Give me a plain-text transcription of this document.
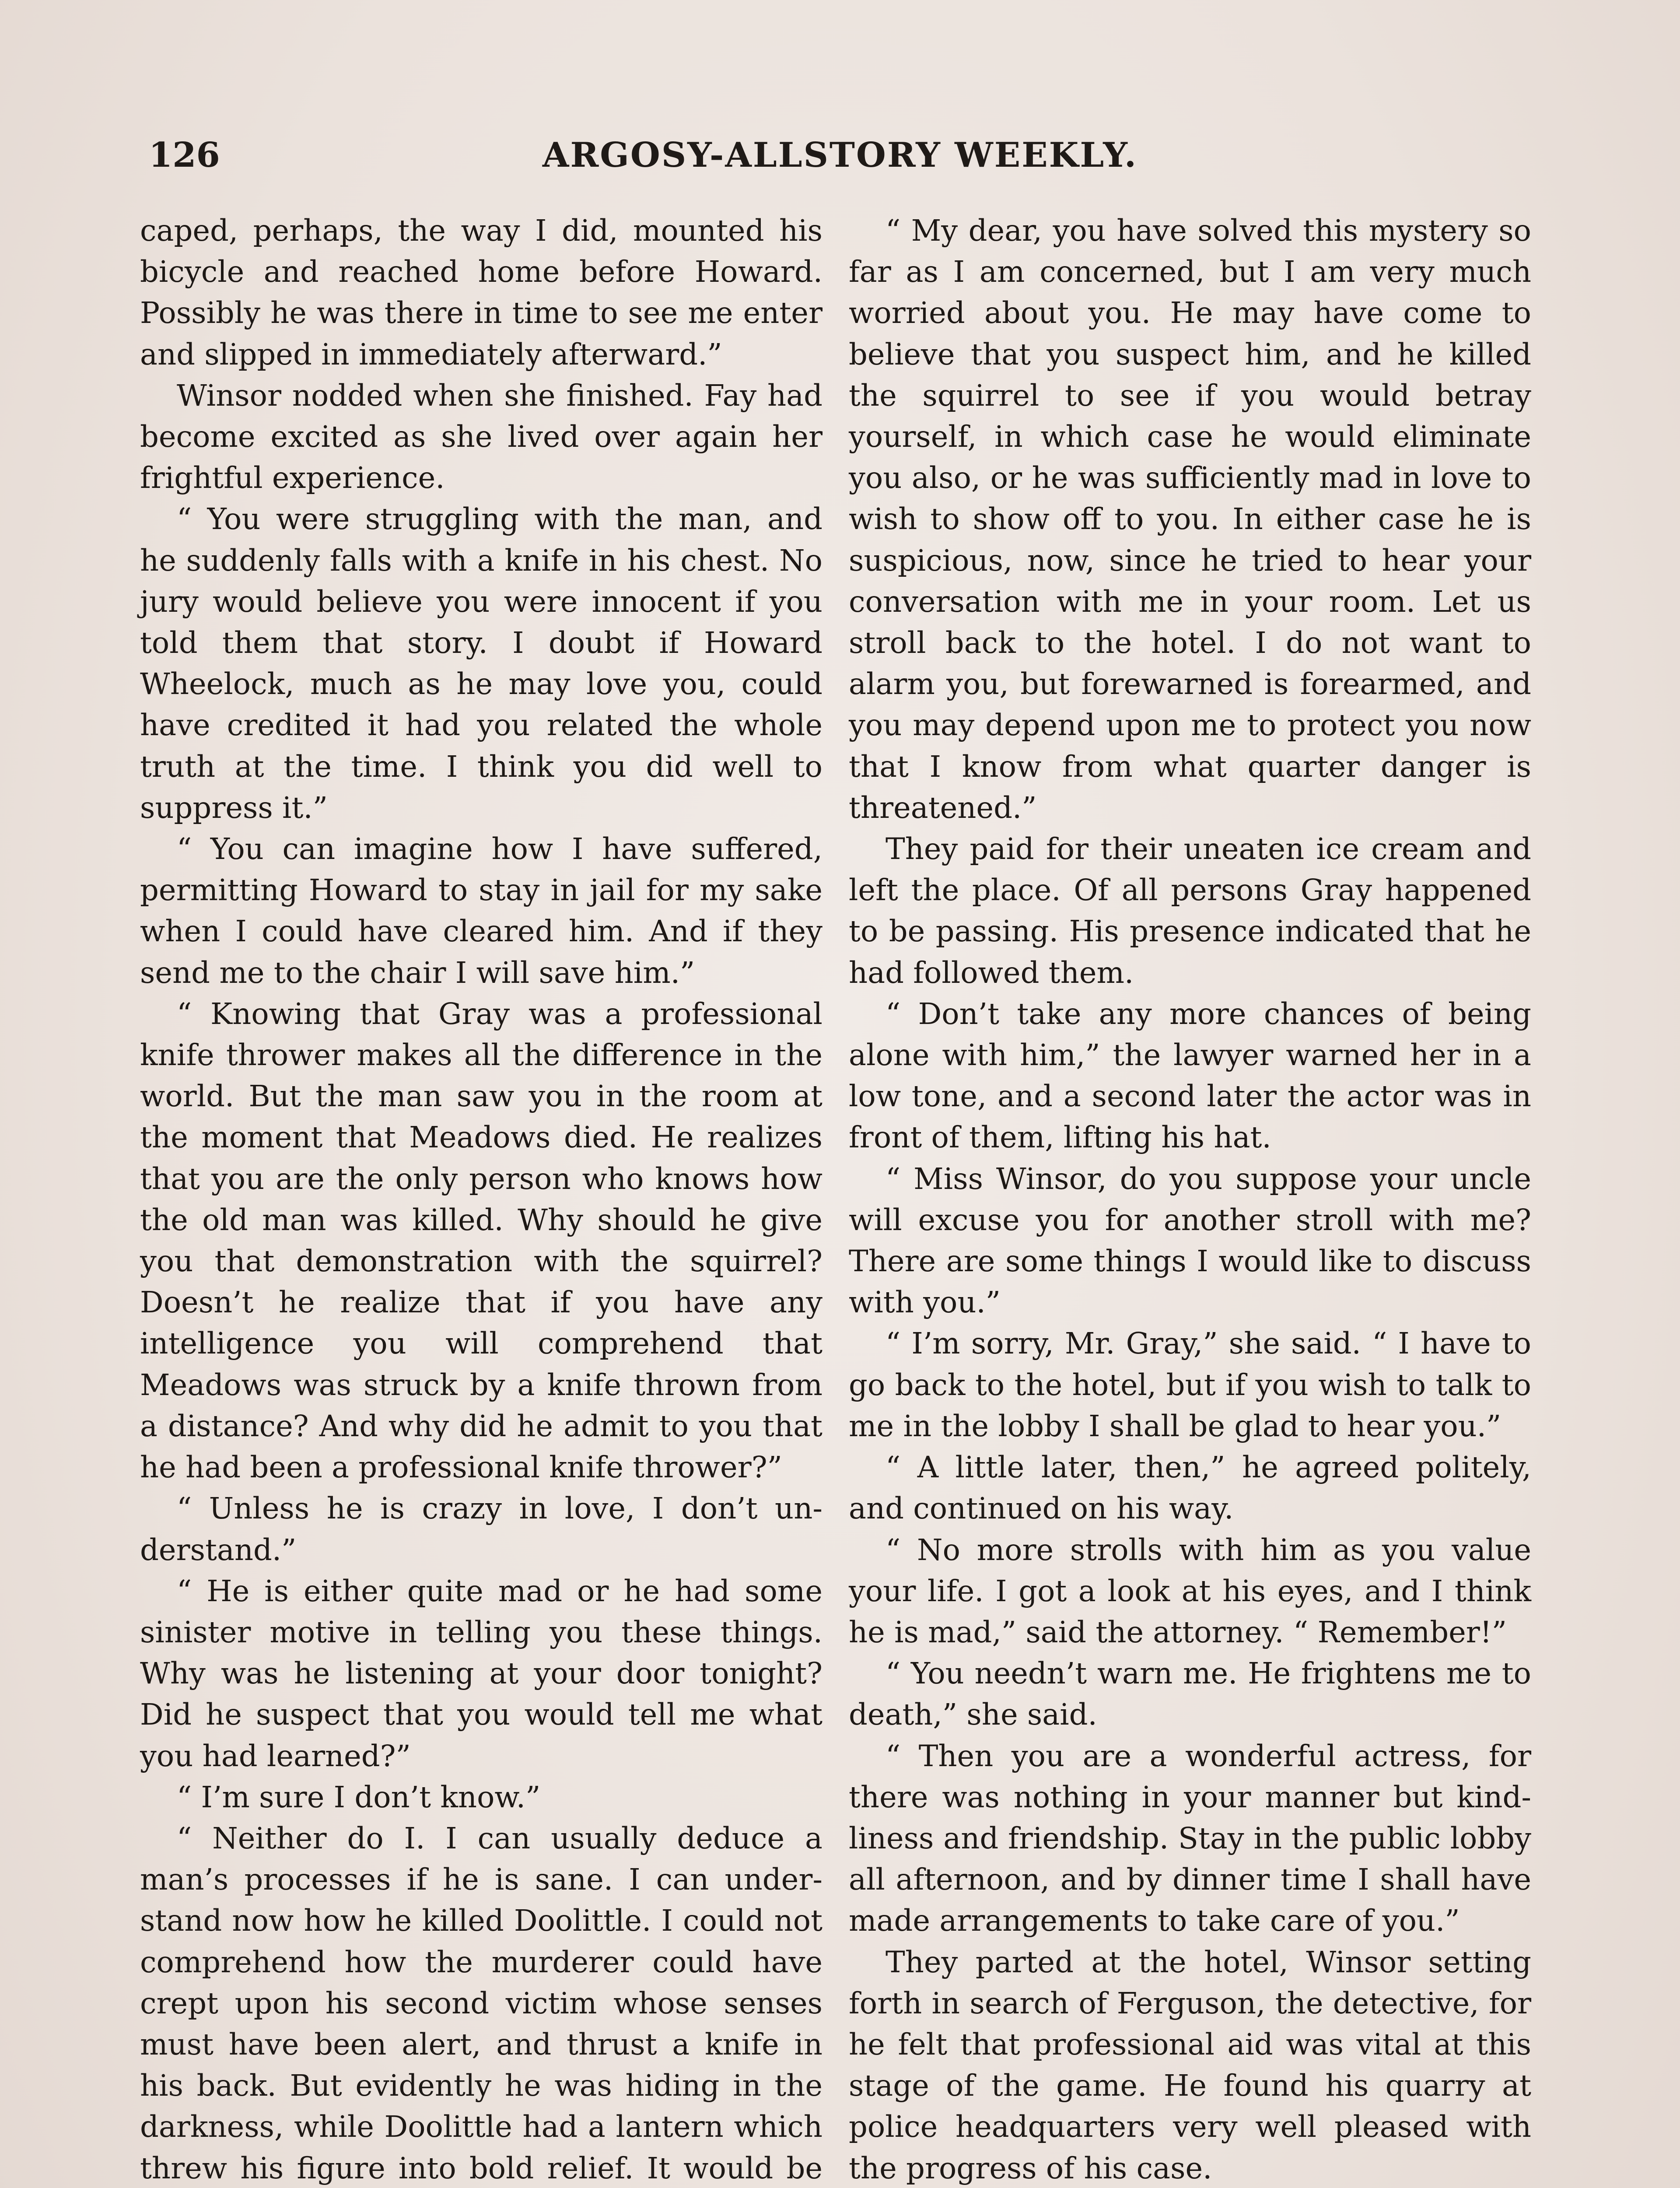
126	ARGOSY-ALLSTORY WEEKLY.

caped, perhaps, the way I did, mounted his bicycle and reached home before Howard. Possibly he was there in time to see me enter and slipped in immediately afterward.”

Winsor nodded when she finished. Fay had become excited as she lived over again her frightful experience.

“ You were struggling with the man, and he suddenly falls with a knife in his chest. No jury would believe you were innocent if you told them that story. I doubt if Howard Wheelock, much as he may love you, could have credited it had you related the whole truth at the time. I think you did well to suppress it.”

“ You can imagine how I have suffered, permitting Howard to stay in jail for my sake when I could have cleared him. And if they send me to the chair I will save him.”

“ Knowing that Gray was a professional knife thrower makes all the difference in the world. But the man saw you in the room at the moment that Meadows died. He realizes that you are the only person who knows how the old man was killed. Why should he give you that demonstration with the squirrel? Doesn’t he realize that if you have any intelligence you will comprehend that Meadows was struck by a knife thrown from a distance? And why did he admit to you that he had been a professional knife thrower?”

“ Unless he is crazy in love, I don’t understand.”

“ He is either quite mad or he had some sinister motive in telling you these things. Why was he listening at your door tonight? Did he suspect that you would tell me what you had learned?”

“ I’m sure I don’t know.”

“ Neither do I. I can usually deduce a man’s processes if he is sane. I can understand now how he killed Doolittle. I could not comprehend how the murderer could have crept upon his second victim whose senses must have been alert, and thrust a knife in his back. But evidently he was hiding in the darkness, while Doolittle had a lantern which threw his figure into bold relief. It would be

“ My dear, you have solved this mystery so far as I am concerned, but I am very much worried about you. He may have come to believe that you suspect him, and he killed the squirrel to see if you would betray yourself, in which case he would eliminate you also, or he was sufficiently mad in love to wish to show off to you. In either case he is suspicious, now, since he tried to hear your conversation with me in your room. Let us stroll back to the hotel. I do not want to alarm you, but forewarned is forearmed, and you may depend upon me to protect you now that I know from what quarter danger is threatened.”

They paid for their uneaten ice cream and left the place. Of all persons Gray happened to be passing. His presence indicated that he had followed them.

“ Don’t take any more chances of being alone with him,” the lawyer warned her in a low tone, and a second later the actor was in front of them, lifting his hat.

“ Miss Winsor, do you suppose your uncle will excuse you for another stroll with me? There are some things I would like to discuss with you.”

“ I’m sorry, Mr. Gray,” she said. “ I have to go back to the hotel, but if you wish to talk to me in the lobby I shall be glad to hear you.”

“ A little later, then,” he agreed politely, and continued on his way.

“ No more strolls with him as you value your life. I got a look at his eyes, and I think he is mad,” said the attorney. “ Remember!”

“ You needn’t warn me. He frightens me to death,” she said.

“ Then you are a wonderful actress, for there was nothing in your manner but kindliness and friendship. Stay in the public lobby all afternoon, and by dinner time I shall have made arrangements to take care of you.”

They parted at the hotel, Winsor setting forth in search of Ferguson, the detective, for he felt that professional aid was vital at this stage of the game. He found his quarry at police headquarters very well pleased with the progress of his case.
